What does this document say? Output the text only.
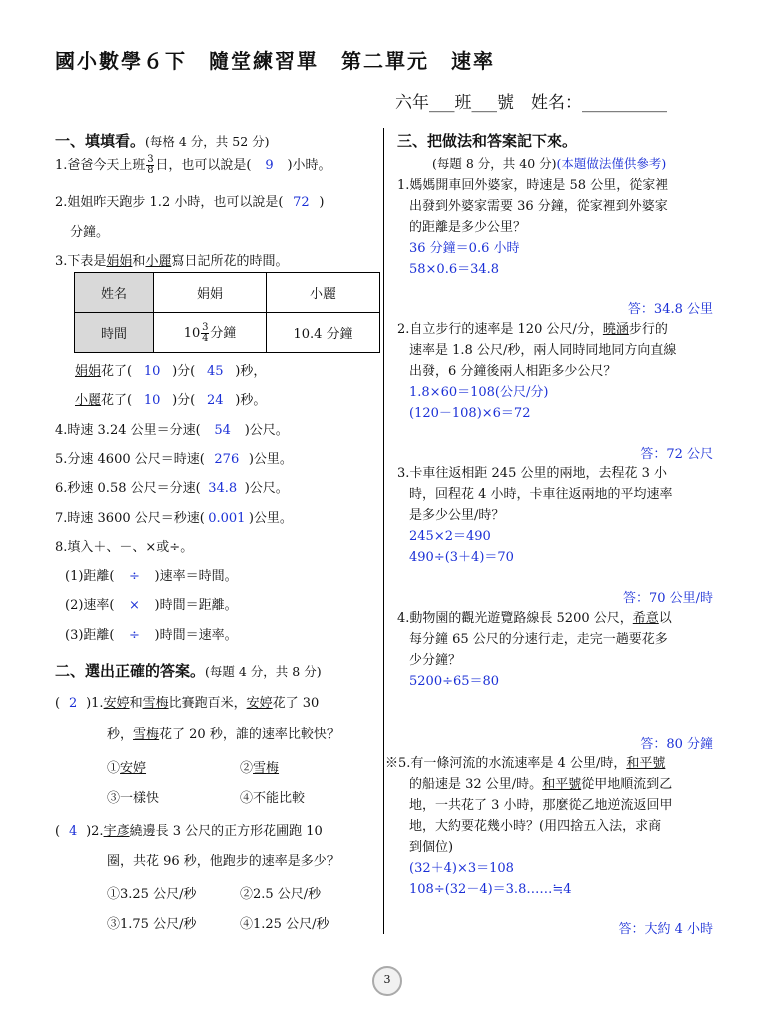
國小數學６下　隨堂練習單　第二單元　速率
六年___班___號　姓名：__________
一、填填看。(每格 4 分，共 52 分)
1.爸爸今天上班 $\frac{3}{8}$ 日，也可以說是( 9 )小時。
2.姐姐昨天跑步 1.2 小時，也可以說是( 72 )
分鐘。
3.下表是娟娟和小麗寫日記所花的時間。
姓名	娟娟	小麗
時間	$10 \frac{3}{4}$ 分鐘	10.4 分鐘
娟娟花了( 10 )分( 45 )秒，
小麗花了( 10 )分( 24 )秒。
4.時速 3.24 公里＝分速( 54 )公尺。
5.分速 4600 公尺＝時速( 276 )公里。
6.秒速 0.58 公尺＝分速( 34.8 )公尺。
7.時速 3600 公尺＝秒速( 0.001 )公里。
8.填入＋、－、×或÷。
(1)距離( ÷ )速率＝時間。
(2)速率( × )時間＝距離。
(3)距離( ÷ )時間＝速率。
二、選出正確的答案。(每題 4 分，共 8 分)
( 2 )1.安婷和雪梅比賽跑百米，安婷花了 30
秒，雪梅花了 20 秒，誰的速率比較快？
①安婷	②雪梅
③一樣快	④不能比較
( 4 )2.宇彥繞邊長 3 公尺的正方形花圃跑 10
圈，共花 96 秒，他跑步的速率是多少？
①3.25 公尺/秒	②2.5 公尺/秒
③1.75 公尺/秒	④1.25 公尺/秒
三、把做法和答案記下來。
(每題 8 分，共 40 分)(本題做法僅供參考)
1.媽媽開車回外婆家，時速是 58 公里，從家裡
出發到外婆家需要 36 分鐘，從家裡到外婆家
的距離是多少公里？
36 分鐘＝0.6 小時
58×0.6＝34.8
答：34.8 公里
2.自立步行的速率是 120 公尺/分，曉涵步行的
速率是 1.8 公尺/秒，兩人同時同地同方向直線
出發，6 分鐘後兩人相距多少公尺？
1.8×60＝108(公尺/分)
(120－108)×6＝72
答：72 公尺
3.卡車往返相距 245 公里的兩地，去程花 3 小
時，回程花 4 小時，卡車往返兩地的平均速率
是多少公里/時？
245×2＝490
490÷(3＋4)＝70
答：70 公里/時
4.動物園的觀光遊覽路線長 5200 公尺，希意以
每分鐘 65 公尺的分速行走，走完一趟要花多
少分鐘？
5200÷65＝80
答：80 分鐘
※5.有一條河流的水流速率是 4 公里/時，和平號
的船速是 32 公里/時。和平號從甲地順流到乙
地，一共花了 3 小時，那麼從乙地逆流返回甲
地，大約要花幾小時？(用四捨五入法，求商
到個位)
(32＋4)×3＝108
108÷(32－4)＝3.8……≒4
答：大約 4 小時
3
